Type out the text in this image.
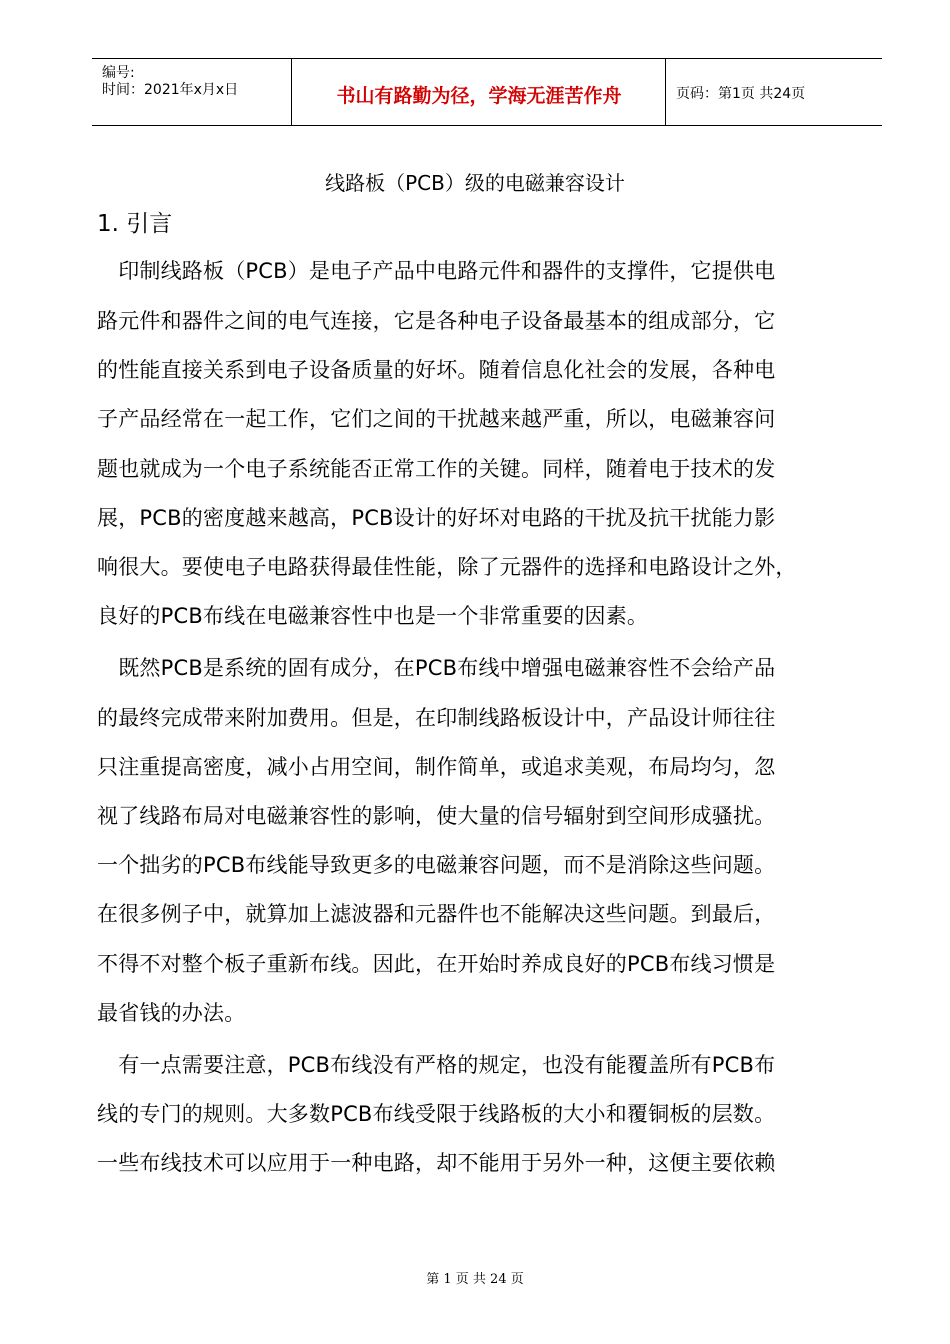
编号:
时间：2021年x月x日	书山有路勤为径，学海无涯苦作舟	页码：第1页 共24页
线路板（PCB）级的电磁兼容设计
1. 引言
　印制线路板（PCB）是电子产品中电路元件和器件的支撑件，它提供电
路元件和器件之间的电气连接，它是各种电子设备最基本的组成部分，它
的性能直接关系到电子设备质量的好坏。随着信息化社会的发展，各种电
子产品经常在一起工作，它们之间的干扰越来越严重，所以，电磁兼容问
题也就成为一个电子系统能否正常工作的关键。同样，随着电于技术的发
展，PCB的密度越来越高，PCB设计的好坏对电路的干扰及抗干扰能力影
响很大。要使电子电路获得最佳性能，除了元器件的选择和电路设计之外，
良好的PCB布线在电磁兼容性中也是一个非常重要的因素。
　既然PCB是系统的固有成分，在PCB布线中增强电磁兼容性不会给产品
的最终完成带来附加费用。但是，在印制线路板设计中，产品设计师往往
只注重提高密度，减小占用空间，制作简单，或追求美观，布局均匀，忽
视了线路布局对电磁兼容性的影响，使大量的信号辐射到空间形成骚扰。
一个拙劣的PCB布线能导致更多的电磁兼容问题，而不是消除这些问题。
在很多例子中，就算加上滤波器和元器件也不能解决这些问题。到最后，
不得不对整个板子重新布线。因此，在开始时养成良好的PCB布线习惯是
最省钱的办法。
　有一点需要注意，PCB布线没有严格的规定，也没有能覆盖所有PCB布
线的专门的规则。大多数PCB布线受限于线路板的大小和覆铜板的层数。
一些布线技术可以应用于一种电路，却不能用于另外一种，这便主要依赖
第 1 页 共 24 页
